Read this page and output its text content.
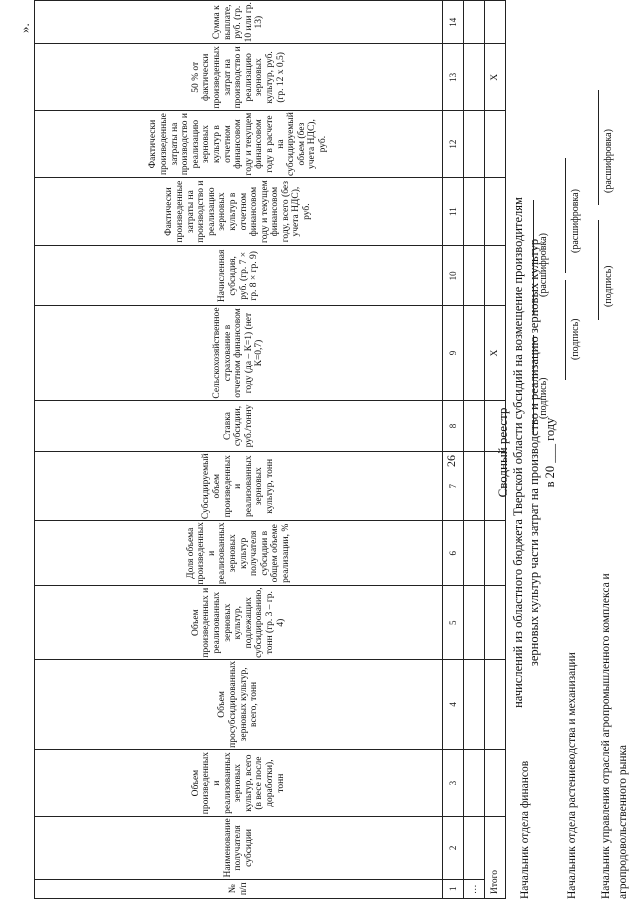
26	Сводный реестр начислений из областного бюджета Тверской области субсидий на возмещение производителям зерновых культур части затрат на производство и реализацию зерновых культур в 20 ___ году
».
№ п/п	Наименование получателя субсидии	Объем произведенных и реализованных зерновых культур, всего (в весе после доработки), тонн	Объем просубсидированных зерновых культур, всего, тонн	Объем произведенных и реализованных зерновых культур, подлежащих субсидированию, тонн (гр. 3 – гр. 4)	Доля объема произведенных и реализованных зерновых культур получателя субсидии в общем объеме реализации, %	Субсидируемый объем произведенных и реализованных зерновых культур, тонн	Ставка субсидии, руб./тонну	Сельскохозяйственное страхование в отчетном финансовом году (да – К=1) (нет К=0,7)	Начисленная субсидия, руб. (гр. 7 × гр. 8 × гр. 9)	Фактически произведенные затраты на производство и реализацию зерновых культур в отчетном финансовом году и текущем финансовом году, всего (без учета НДС), руб.	Фактически произведенные затраты на производство и реализацию зерновых культур в отчетном финансовом году и текущем финансовом году в расчете на субсидируемый объем (без учета НДС), руб.	50 % от фактически произведенных затрат на производство и реализацию зерновых культур, руб. (гр. 12 х 0,5)	Сумма к выплате, руб. (гр. 10 или гр. 13)
1	2	3	4	5	6	7	8	9	10	11	12	13	14
…													
Итого								Х				Х	
Начальник отдела финансов
(подпись)
(расшифровка)
Начальник отдела растениеводства и механизации
(подпись)
(расшифровка)
Начальник управления отраслей агропромышленного комплекса и агропродовольственного рынка
(подпись)
(расшифровка)
